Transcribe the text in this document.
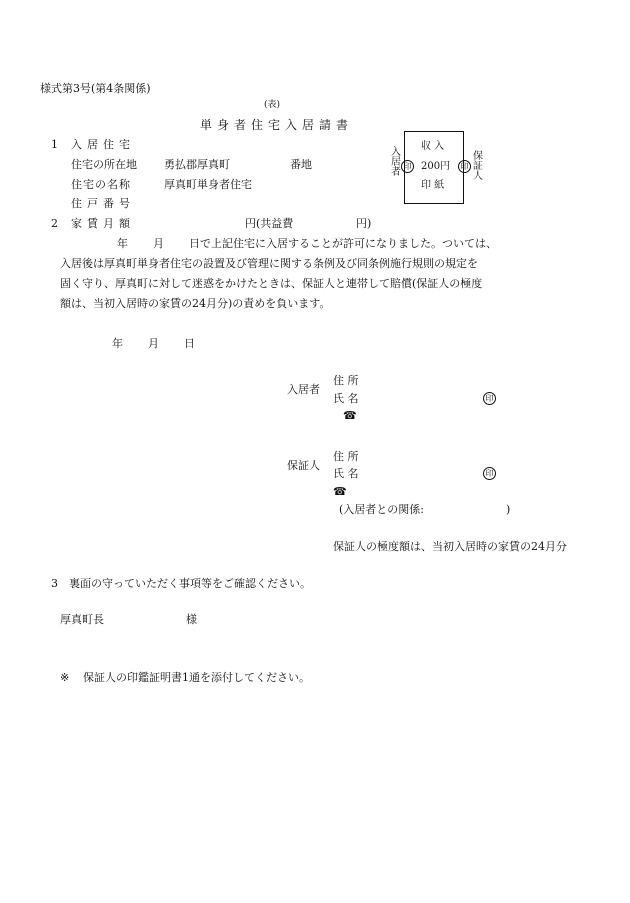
様式第3号(第4条関係)
(表)
単身者住宅入居請書
1 入居住宅
住宅の所在地 勇払郡厚真町	番地
住宅の名称	厚真町単身者住宅
住戸番号
入
居
者
印
収 入
200円
印 紙
印
保
証
人
2 家賃月額	円(共益費	円)
年 月 日で上記住宅に入居することが許可になりました。ついては、
入居後は厚真町単身者住宅の設置及び管理に関する条例及び同条例施行規則の規定を
固く守り、厚真町に対して迷惑をかけたときは、保証人と連帯して賠償(保証人の極度
額は、当初入居時の家賃の24月分)の責めを負います。
年 月 日
入居者
住 所
氏 名	印
☎
保証人
住 所
氏 名	印
☎
(入居者との関係:	)
保証人の極度額は、当初入居時の家賃の24月分
3 裏面の守っていただく事項等をご確認ください。
厚真町長	様
※ 保証人の印鑑証明書1通を添付してください。
